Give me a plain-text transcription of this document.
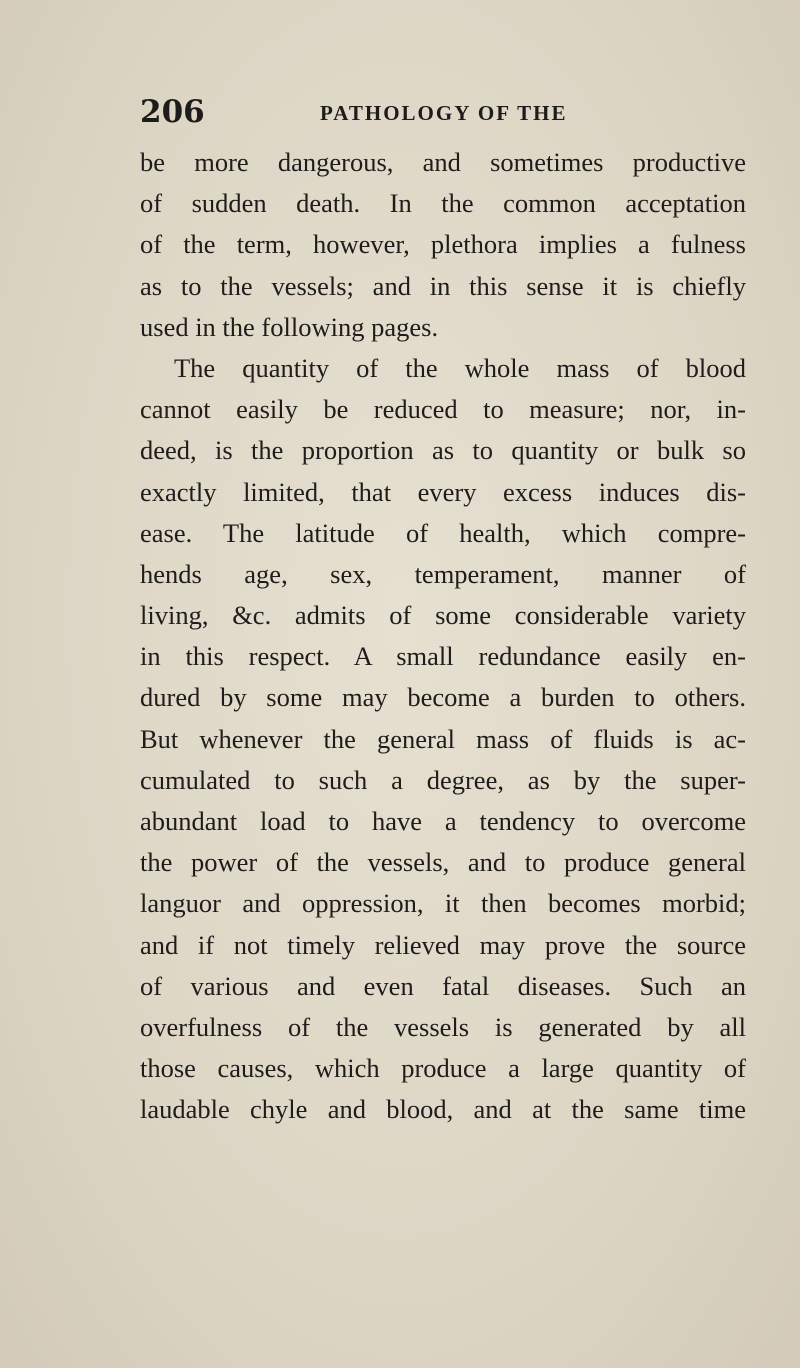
206	PATHOLOGY OF THE
be more dangerous, and sometimes productive
of sudden death. In the common acceptation
of the term, however, plethora implies a fulness
as to the vessels; and in this sense it is chiefly
used in the following pages.
The quantity of the whole mass of blood
cannot easily be reduced to measure; nor, in-
deed, is the proportion as to quantity or bulk so
exactly limited, that every excess induces dis-
ease. The latitude of health, which compre-
hends age, sex, temperament, manner of
living, &c. admits of some considerable variety
in this respect. A small redundance easily en-
dured by some may become a burden to others.
But whenever the general mass of fluids is ac-
cumulated to such a degree, as by the super-
abundant load to have a tendency to overcome
the power of the vessels, and to produce general
languor and oppression, it then becomes morbid;
and if not timely relieved may prove the source
of various and even fatal diseases. Such an
overfulness of the vessels is generated by all
those causes, which produce a large quantity of
laudable chyle and blood, and at the same time
